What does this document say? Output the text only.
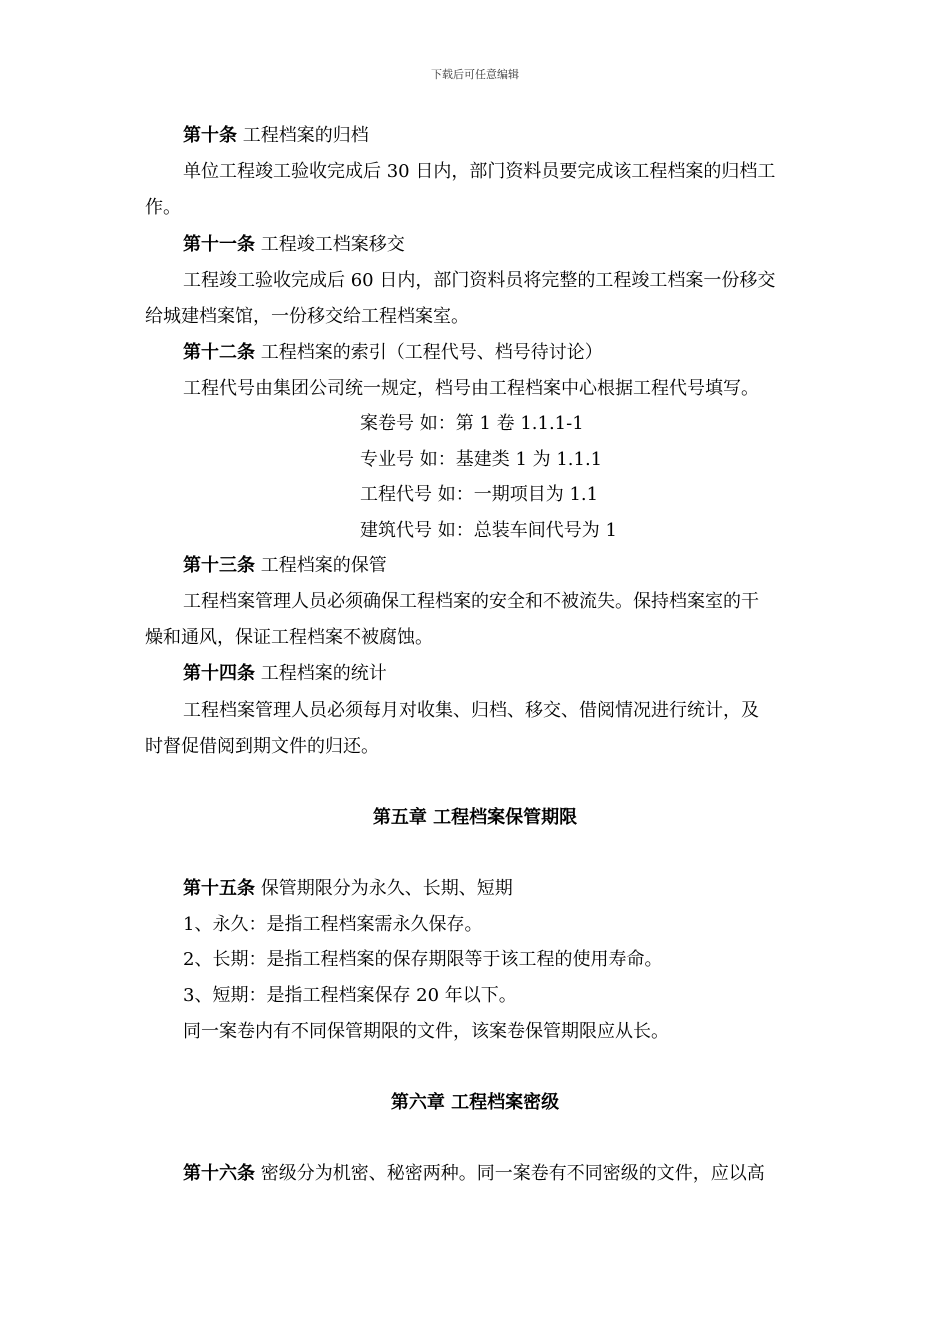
下载后可任意编辑
第十条 工程档案的归档
单位工程竣工验收完成后 30 日内，部门资料员要完成该工程档案的归档工
作。
第十一条 工程竣工档案移交
工程竣工验收完成后 60 日内，部门资料员将完整的工程竣工档案一份移交
给城建档案馆，一份移交给工程档案室。
第十二条 工程档案的索引（工程代号、档号待讨论）
工程代号由集团公司统一规定，档号由工程档案中心根据工程代号填写。
案卷号 如：第 1 卷 1.1.1-1
专业号 如：基建类 1 为 1.1.1
工程代号 如：一期项目为 1.1
建筑代号 如：总装车间代号为 1
第十三条 工程档案的保管
工程档案管理人员必须确保工程档案的安全和不被流失。保持档案室的干
燥和通风，保证工程档案不被腐蚀。
第十四条 工程档案的统计
工程档案管理人员必须每月对收集、归档、移交、借阅情况进行统计，及
时督促借阅到期文件的归还。
第五章 工程档案保管期限
第十五条 保管期限分为永久、长期、短期
1、永久：是指工程档案需永久保存。
2、长期：是指工程档案的保存期限等于该工程的使用寿命。
3、短期：是指工程档案保存 20 年以下。
同一案卷内有不同保管期限的文件，该案卷保管期限应从长。
第六章 工程档案密级
第十六条 密级分为机密、秘密两种。同一案卷有不同密级的文件，应以高
